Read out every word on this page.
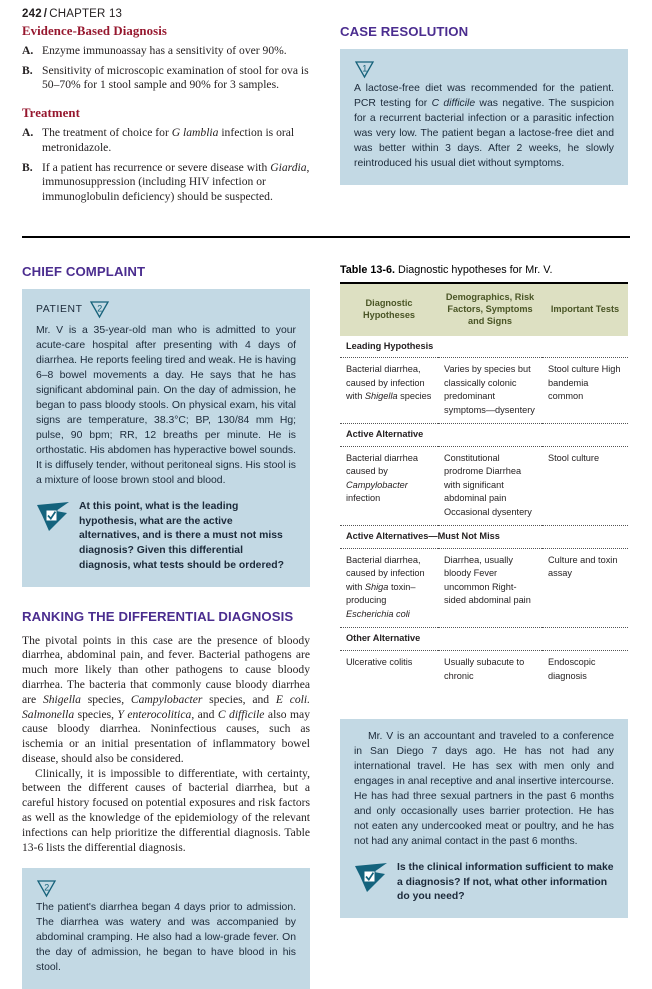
242 / CHAPTER 13
Evidence-Based Diagnosis
A. Enzyme immunoassay has a sensitivity of over 90%.
B. Sensitivity of microscopic examination of stool for ova is 50–70% for 1 stool sample and 90% for 3 samples.
Treatment
A. The treatment of choice for G lamblia infection is oral metronidazole.
B. If a patient has recurrence or severe disease with Giardia, immunosuppression (including HIV infection or immunoglobulin deficiency) should be suspected.
CASE RESOLUTION
1

A lactose-free diet was recommended for the patient. PCR testing for C difficile was negative. The suspicion for a recurrent bacterial infection or a parasitic infection was very low. The patient began a lactose-free diet and was better within 3 days. After 2 weeks, he slowly reintroduced his usual diet without symptoms.

CHIEF COMPLAINT
PATIENT 2

Mr. V is a 35-year-old man who is admitted to your acute-care hospital after presenting with 4 days of diarrhea. He reports feeling tired and weak. He is having 6–8 bowel movements a day. He says that he has significant abdominal pain. On the day of admission, he began to pass bloody stools. On physical exam, his vital signs are temperature, 38.3°C; BP, 130/84 mm Hg; pulse, 90 bpm; RR, 12 breaths per minute. He is orthostatic. His abdomen has hyperactive bowel sounds. It is diffusely tender, without peritoneal signs. His stool is a mixture of loose brown stool and blood.

At this point, what is the leading hypothesis, what are the active alternatives, and is there a must not miss diagnosis? Given this differential diagnosis, what tests should be ordered?
RANKING THE DIFFERENTIAL DIAGNOSIS

The pivotal points in this case are the presence of bloody diarrhea, abdominal pain, and fever. Bacterial pathogens are much more likely than other pathogens to cause bloody diarrhea. The bacteria that commonly cause bloody diarrhea are Shigella species, Campylobacter species, and E coli. Salmonella species, Y enterocolitica, and C difficile also may cause bloody diarrhea. Noninfectious causes, such as ischemia or an initial presentation of inflammatory bowel disease, should also be considered.

Clinically, it is impossible to differentiate, with certainty, between the different causes of bacterial diarrhea, but a careful history focused on potential exposures and risk factors as well as the knowledge of the epidemiology of the relevant infections can help prioritize the differential diagnosis. Table 13-6 lists the differential diagnosis.

2

The patient's diarrhea began 4 days prior to admission. The diarrhea was watery and was accompanied by abdominal cramping. He also had a low-grade fever. On the day of admission, he began to have blood in his stool.

Table 13-6. Diagnostic hypotheses for Mr. V.

Diagnostic Hypotheses	Demographics, Risk Factors, Symptoms and Signs	Important Tests
Leading Hypothesis		
Bacterial diarrhea, caused by infection with Shigella species	Varies by species but classically colonic predominant symptoms—dysentery	Stool culture High bandemia common
Active Alternative		
Bacterial diarrhea caused by Campylobacter infection	Constitutional prodrome Diarrhea with significant abdominal pain Occasional dysentery	Stool culture
Active Alternatives—Must Not Miss		
Bacterial diarrhea, caused by infection with Shiga toxin–producing Escherichia coli	Diarrhea, usually bloody Fever uncommon Right-sided abdominal pain	Culture and toxin assay
Other Alternative		
Ulcerative colitis	Usually subacute to chronic	Endoscopic diagnosis

Mr. V is an accountant and traveled to a conference in San Diego 7 days ago. He has not had any international travel. He has sex with men only and engages in anal receptive and anal insertive intercourse. He has had three sexual partners in the past 6 months and only occasionally uses barrier protection. He has not eaten any undercooked meat or poultry, and he has not had any animal contact in the past 6 months.

Is the clinical information sufficient to make a diagnosis? If not, what other information do you need?
